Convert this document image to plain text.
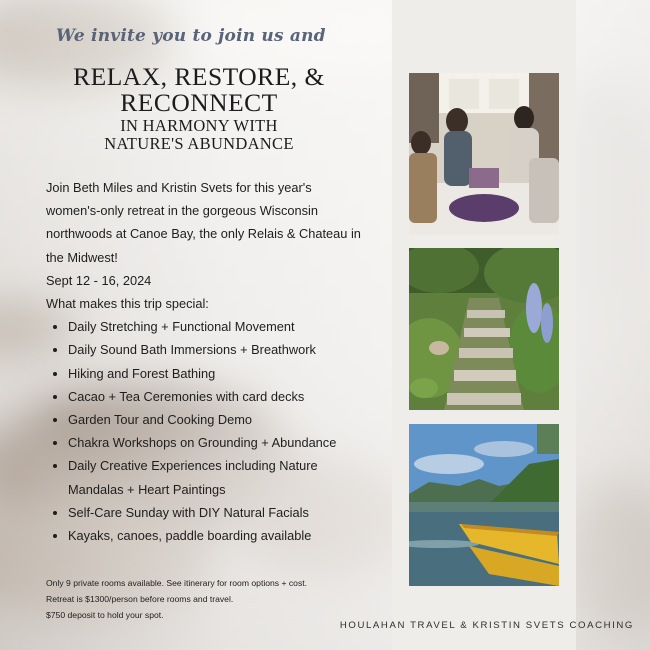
We invite you to join us and
RELAX, RESTORE, &
RECONNECT
IN HARMONY WITH
NATURE'S ABUNDANCE

Join Beth Miles and Kristin Svets for this year's women's-only retreat in the gorgeous Wisconsin northwoods at Canoe Bay, the only Relais & Chateau in the Midwest!

Sept 12 - 16, 2024

What makes this trip special:

• Daily Stretching + Functional Movement
• Daily Sound Bath Immersions + Breathwork
• Hiking and Forest Bathing
• Cacao + Tea Ceremonies with card decks
• Garden Tour and Cooking Demo
• Chakra Workshops on Grounding + Abundance
• Daily Creative Experiences including Nature Mandalas + Heart Paintings
• Self-Care Sunday with DIY Natural Facials
• Kayaks, canoes, paddle boarding available

Only 9 private rooms available. See itinerary for room options + cost.

Retreat is $1300/person before rooms and travel.

$750 deposit to hold your spot.

HOULAHAN TRAVEL & KRISTIN SVETS COACHING
